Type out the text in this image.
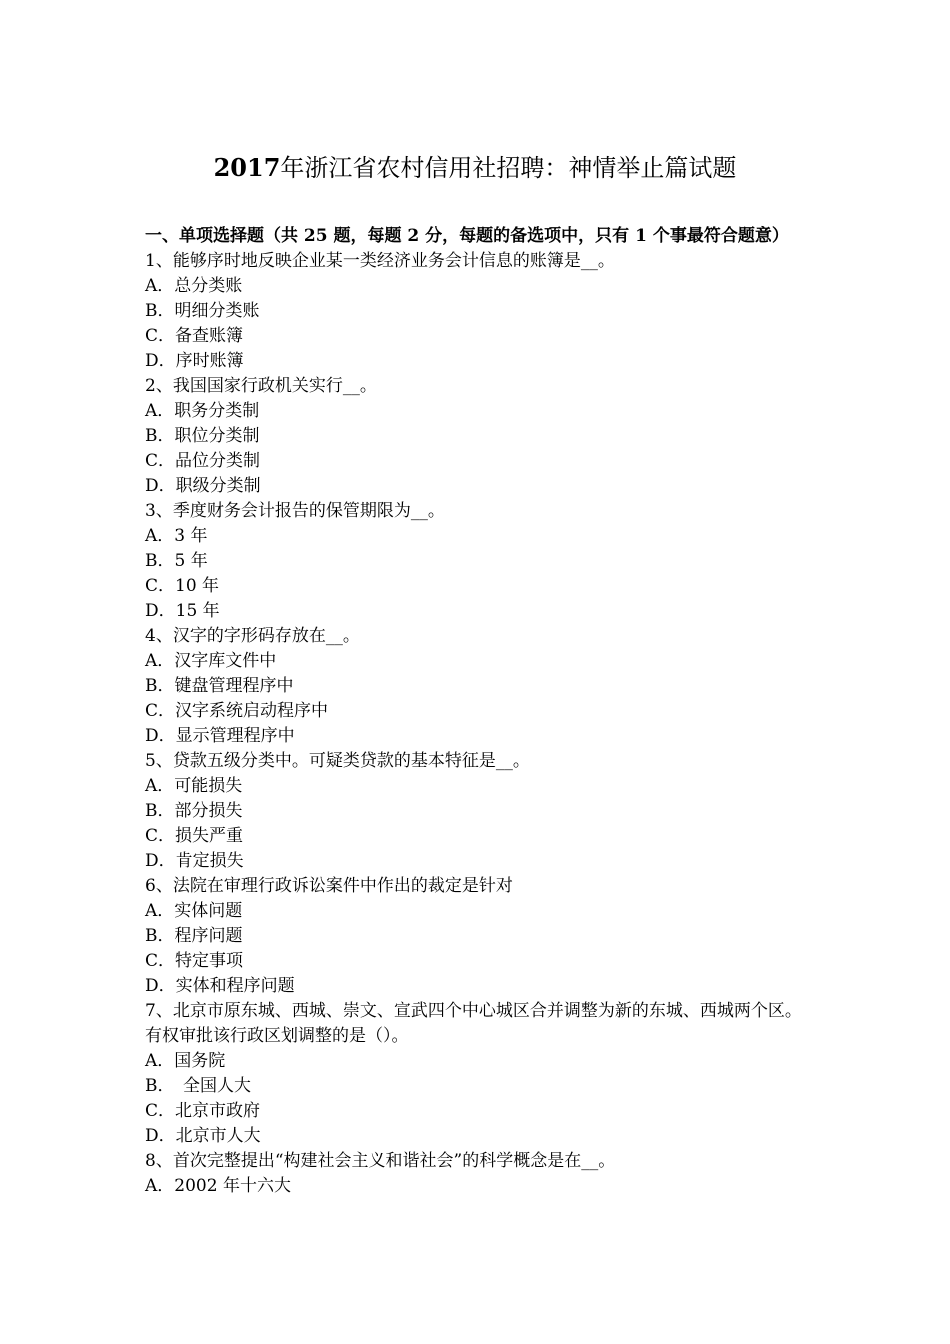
2017年浙江省农村信用社招聘：神情举止篇试题

一、单项选择题（共 25 题，每题 2 分，每题的备选项中，只有 1 个事最符合题意）

1、能够序时地反映企业某一类经济业务会计信息的账簿是__。

A．总分类账

B．明细分类账

C．备查账簿

D．序时账簿

2、我国国家行政机关实行__。

A．职务分类制

B．职位分类制

C．品位分类制

D．职级分类制

3、季度财务会计报告的保管期限为__。

A．3 年

B．5 年

C．10 年

D．15 年

4、汉字的字形码存放在__。

A．汉字库文件中

B．键盘管理程序中

C．汉字系统启动程序中

D．显示管理程序中

5、贷款五级分类中。可疑类贷款的基本特征是__。

A．可能损失

B．部分损失

C．损失严重

D．肯定损失

6、法院在审理行政诉讼案件中作出的裁定是针对

A．实体问题

B．程序问题

C．特定事项

D．实体和程序问题

7、北京市原东城、西城、崇文、宣武四个中心城区合并调整为新的东城、西城两个区。有权审批该行政区划调整的是（）。

A．国务院

B．　全国人大

C．北京市政府

D．北京市人大

8、首次完整提出“构建社会主义和谐社会”的科学概念是在__。

A．2002 年十六大
